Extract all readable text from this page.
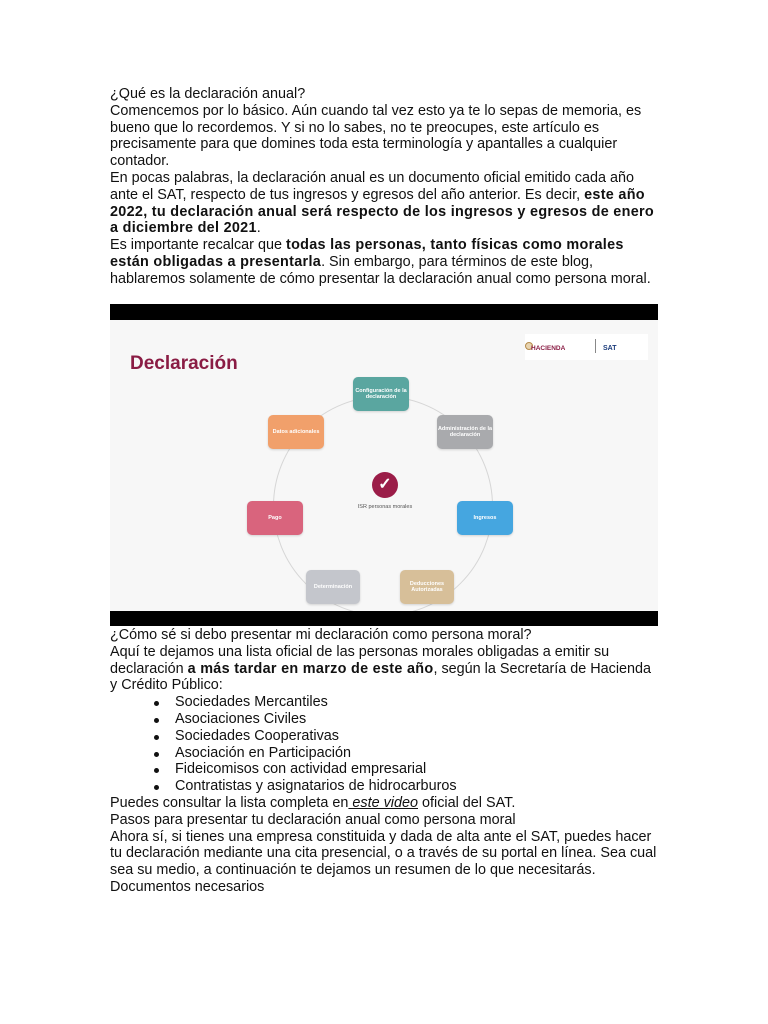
¿Qué es la declaración anual?

Comencemos por lo básico. Aún cuando tal vez esto ya te lo sepas de memoria, es bueno que lo recordemos. Y si no lo sabes, no te preocupes, este artículo es precisamente para que domines toda esta terminología y apantalles a cualquier contador.

En pocas palabras, la declaración anual es un documento oficial emitido cada año ante el SAT, respecto de tus ingresos y egresos del año anterior. Es decir, este año 2022, tu declaración anual será respecto de los ingresos y egresos de enero a diciembre del 2021.

Es importante recalcar que todas las personas, tanto físicas como morales están obligadas a presentarla. Sin embargo, para términos de este blog, hablaremos solamente de cómo presentar la declaración anual como persona moral.

Declaración
HACIENDA	SAT
Configuración de la declaración
Administración de la declaración
Ingresos
Deducciones Autorizadas
Determinación
Pago
Datos adicionales
✓
ISR personas morales

¿Cómo sé si debo presentar mi declaración como persona moral?

Aquí te dejamos una lista oficial de las personas morales obligadas a emitir su declaración a más tardar en marzo de este año, según la Secretaría de Hacienda y Crédito Público:

Sociedades Mercantiles
Asociaciones Civiles
Sociedades Cooperativas
Asociación en Participación
Fideicomisos con actividad empresarial
Contratistas y asignatarios de hidrocarburos

Puedes consultar la lista completa en este video oficial del SAT.

Pasos para presentar tu declaración anual como persona moral

Ahora sí, si tienes una empresa constituida y dada de alta ante el SAT, puedes hacer tu declaración mediante una cita presencial, o a través de su portal en línea. Sea cual sea su medio, a continuación te dejamos un resumen de lo que necesitarás.

Documentos necesarios
